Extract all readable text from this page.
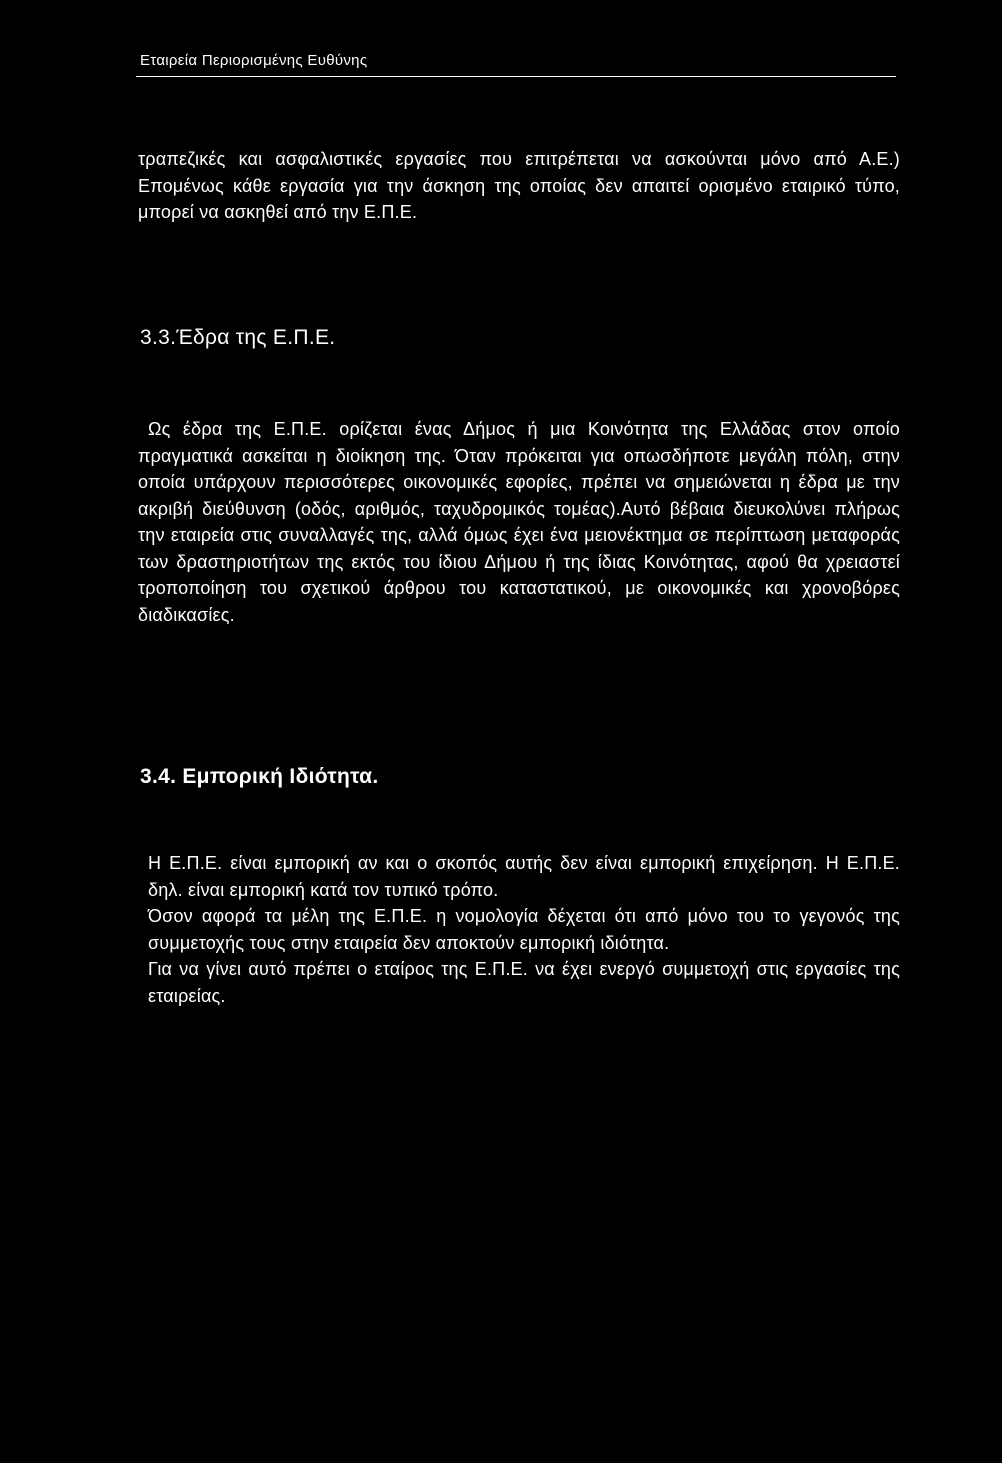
Εταιρεία Περιορισμένης Ευθύνης

τραπεζικές και ασφαλιστικές εργασίες που επιτρέπεται να ασκούνται μόνο από Α.Ε.) Επομένως κάθε εργασία για την άσκηση της οποίας δεν απαιτεί ορισμένο εταιρικό τύπο, μπορεί να ασκηθεί από την Ε.Π.Ε.

3.3.Έδρα της Ε.Π.Ε.

Ως έδρα της Ε.Π.Ε. ορίζεται ένας Δήμος ή μια Κοινότητα της Ελλάδας στον οποίο πραγματικά ασκείται η διοίκηση της. Όταν πρόκειται για οπωσδήποτε μεγάλη πόλη, στην οποία υπάρχουν περισσότερες οικονομικές εφορίες, πρέπει να σημειώνεται η έδρα με την ακριβή διεύθυνση (οδός, αριθμός, ταχυδρομικός τομέας).Αυτό βέβαια διευκολύνει πλήρως την εταιρεία στις συναλλαγές της, αλλά όμως έχει ένα μειονέκτημα σε περίπτωση μεταφοράς των δραστηριοτήτων της εκτός του ίδιου Δήμου ή της ίδιας Κοινότητας, αφού θα χρειαστεί τροποποίηση του σχετικού άρθρου του καταστατικού, με οικονομικές και χρονοβόρες διαδικασίες.

3.4. Εμπορική Ιδιότητα.

Η Ε.Π.Ε. είναι εμπορική αν και ο σκοπός αυτής δεν είναι εμπορική επιχείρηση. Η Ε.Π.Ε. δηλ. είναι εμπορική κατά τον τυπικό τρόπο.

Όσον αφορά τα μέλη της Ε.Π.Ε. η νομολογία δέχεται ότι από μόνο του το γεγονός της συμμετοχής τους στην εταιρεία δεν αποκτούν εμπορική ιδιότητα.

Για να γίνει αυτό πρέπει ο εταίρος της Ε.Π.Ε. να έχει ενεργό συμμετοχή στις εργασίες της εταιρείας.
